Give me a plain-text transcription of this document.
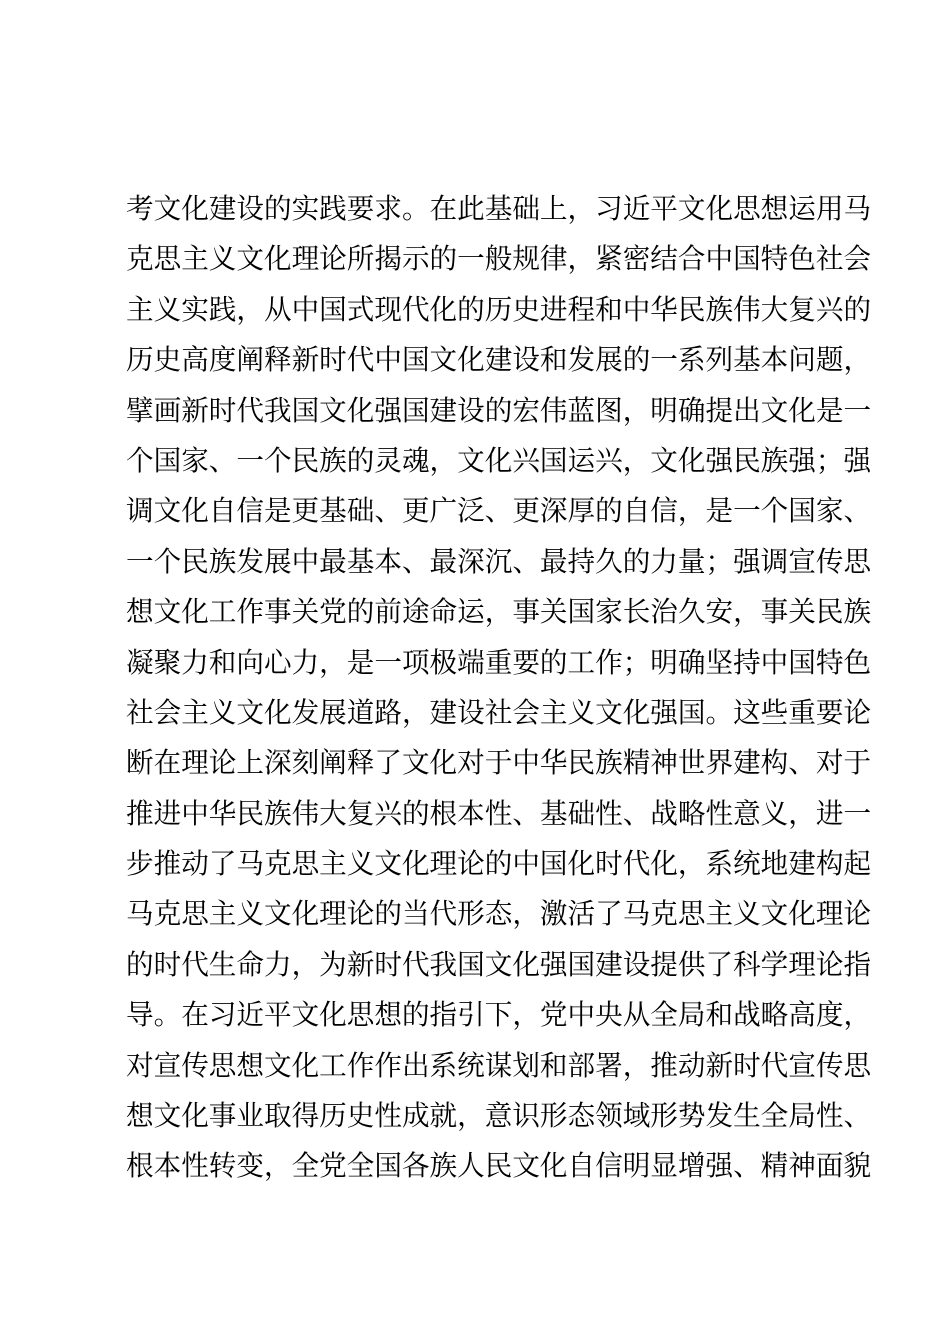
考文化建设的实践要求。在此基础上，习近平文化思想运用马
克思主义文化理论所揭示的一般规律，紧密结合中国特色社会
主义实践，从中国式现代化的历史进程和中华民族伟大复兴的
历史高度阐释新时代中国文化建设和发展的一系列基本问题，
擘画新时代我国文化强国建设的宏伟蓝图，明确提出文化是一
个国家、一个民族的灵魂，文化兴国运兴，文化强民族强；强
调文化自信是更基础、更广泛、更深厚的自信，是一个国家、
一个民族发展中最基本、最深沉、最持久的力量；强调宣传思
想文化工作事关党的前途命运，事关国家长治久安，事关民族
凝聚力和向心力，是一项极端重要的工作；明确坚持中国特色
社会主义文化发展道路，建设社会主义文化强国。这些重要论
断在理论上深刻阐释了文化对于中华民族精神世界建构、对于
推进中华民族伟大复兴的根本性、基础性、战略性意义，进一
步推动了马克思主义文化理论的中国化时代化，系统地建构起
马克思主义文化理论的当代形态，激活了马克思主义文化理论
的时代生命力，为新时代我国文化强国建设提供了科学理论指
导。在习近平文化思想的指引下，党中央从全局和战略高度，
对宣传思想文化工作作出系统谋划和部署，推动新时代宣传思
想文化事业取得历史性成就，意识形态领域形势发生全局性、
根本性转变，全党全国各族人民文化自信明显增强、精神面貌
